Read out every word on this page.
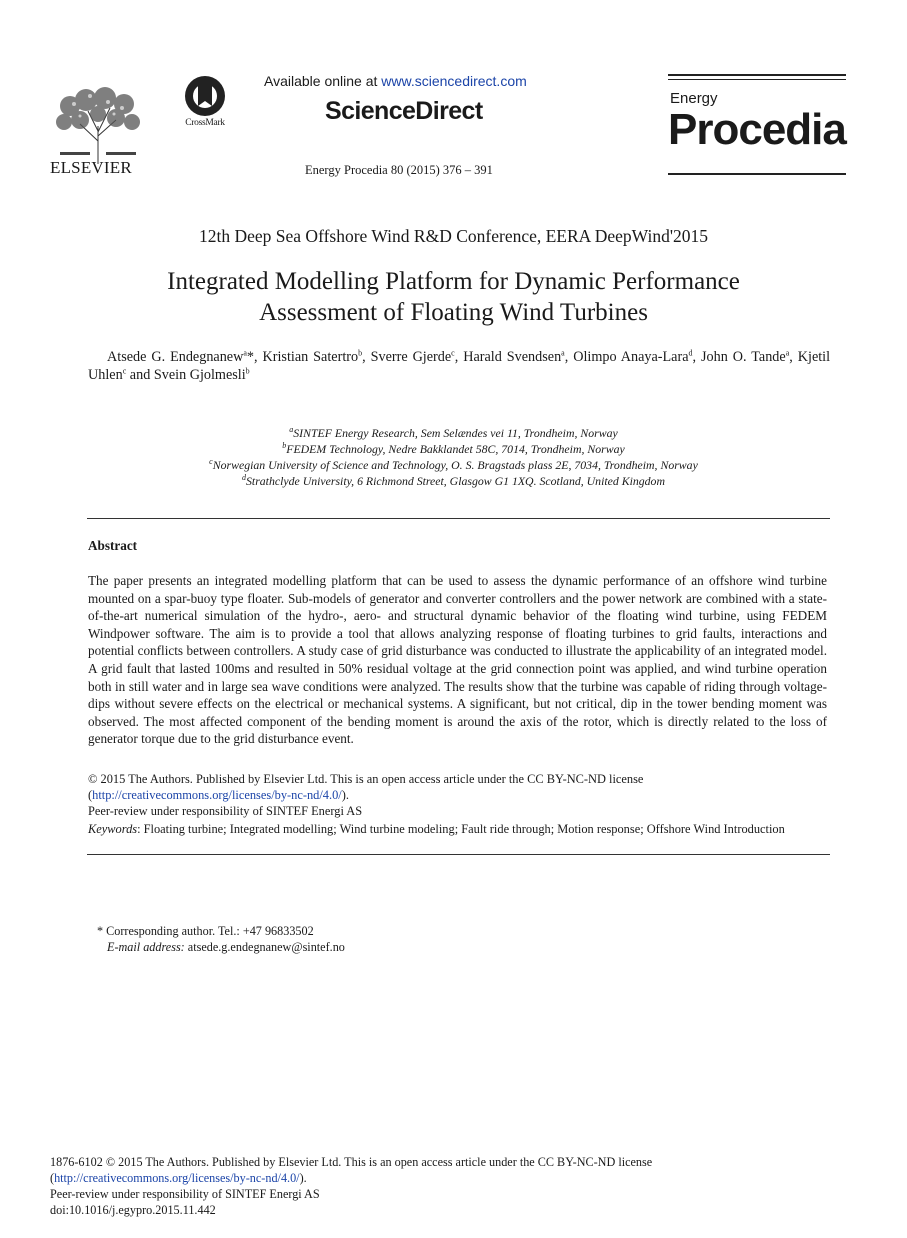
ELSEVIER
CrossMark
Available online at www.sciencedirect.com
ScienceDirect
Energy Procedia 80 (2015) 376 – 391
Energy
Procedia
12th Deep Sea Offshore Wind R&D Conference, EERA DeepWind'2015
Integrated Modelling Platform for Dynamic Performance
Assessment of Floating Wind Turbines
Atsede G. Endegnanew$^a$*, Kristian Satertro$^b$, Sverre Gjerde$^c$, Harald Svendsen$^a$, Olimpo Anaya-Lara$^d$, John O. Tande$^a$, Kjetil Uhlen$^c$ and Svein Gjolmesli$^b$
$^a$SINTEF Energy Research, Sem Selændes vei 11, Trondheim, Norway
$^b$FEDEM Technology, Nedre Bakklandet 58C, 7014, Trondheim, Norway
$^c$Norwegian University of Science and Technology, O. S. Bragstads plass 2E, 7034, Trondheim, Norway
$^d$Strathclyde University, 6 Richmond Street, Glasgow G1 1XQ. Scotland, United Kingdom
Abstract
The paper presents an integrated modelling platform that can be used to assess the dynamic performance of an offshore wind turbine mounted on a spar-buoy type floater. Sub-models of generator and converter controllers and the power network are combined with a state-of-the-art numerical simulation of the hydro-, aero- and structural dynamic behavior of the floating wind turbine, using FEDEM Windpower software. The aim is to provide a tool that allows analyzing response of floating turbines to grid faults, interactions and potential conflicts between controllers. A study case of grid disturbance was conducted to illustrate the applicability of an integrated model. A grid fault that lasted 100ms and resulted in 50% residual voltage at the grid connection point was applied, and wind turbine operation both in still water and in large sea wave conditions were analyzed. The results show that the turbine was capable of riding through voltage-dips without severe effects on the electrical or mechanical systems. A significant, but not critical, dip in the tower bending moment was observed. The most affected component of the bending moment is around the axis of the rotor, which is directly related to the loss of generator torque due to the grid disturbance event.
© 2015 The Authors. Published by Elsevier Ltd. This is an open access article under the CC BY-NC-ND license
(http://creativecommons.org/licenses/by-nc-nd/4.0/).
Peer-review under responsibility of SINTEF Energi AS
Keywords: Floating turbine; Integrated modelling; Wind turbine modeling; Fault ride through; Motion response; Offshore Wind Introduction
* Corresponding author. Tel.: +47 96833502
E-mail address: atsede.g.endegnanew@sintef.no
1876-6102 © 2015 The Authors. Published by Elsevier Ltd. This is an open access article under the CC BY-NC-ND license
(http://creativecommons.org/licenses/by-nc-nd/4.0/).
Peer-review under responsibility of SINTEF Energi AS
doi:10.1016/j.egypro.2015.11.442
